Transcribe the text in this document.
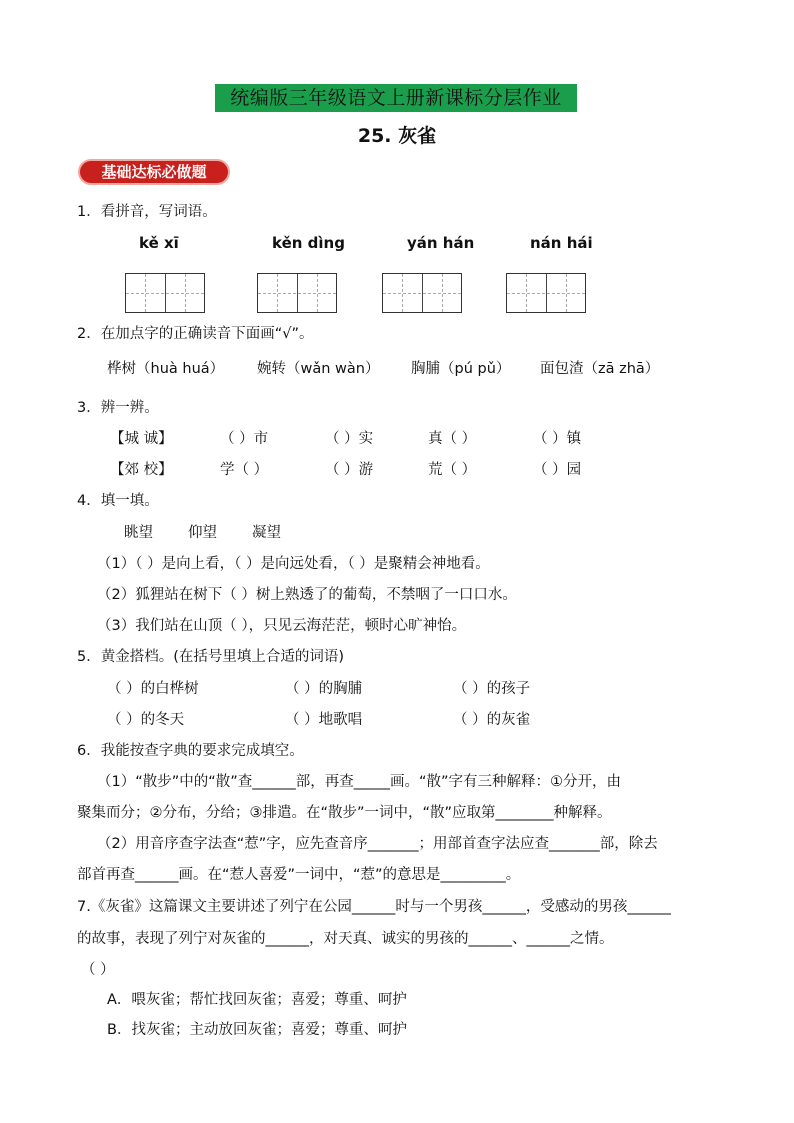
统编版三年级语文上册新课标分层作业
25. 灰雀
基础达标必做题
1．看拼音，写词语。
kě xī	kěn dìng	yán hán	nán hái
2．在加点字的正确读音下面画“√”。
桦树（huà huá） 婉转（wǎn wàn） 胸脯（pú pǔ） 面包渣（zā zhā）
3．辨一辨。
【城 诚】	（ ）市	（ ）实	真（ ）	（ ）镇
【郊 校】	学（ ）	（ ）游	荒（ ）	（ ）园
4．填一填。
眺望 仰望 凝望
（1）（ ）是向上看，（ ）是向远处看，（ ）是聚精会神地看。
（2）狐狸站在树下（ ）树上熟透了的葡萄，不禁咽了一口口水。
（3）我们站在山顶（ ），只见云海茫茫，顿时心旷神怡。
5．黄金搭档。(在括号里填上合适的词语)
（ ）的白桦树	（ ）的胸脯	（ ）的孩子
（ ）的冬天	（ ）地歌唱	（ ）的灰雀
6．我能按查字典的要求完成填空。
（1）“散步”中的“散”查______部，再查_____画。“散”字有三种解释：①分开，由
聚集而分；②分布，分给；③排遣。在“散步”一词中，“散”应取第________种解释。
（2）用音序查字法查“惹”字，应先查音序_______；用部首查字法应查_______部，除去
部首再查______画。在“惹人喜爱”一词中，“惹”的意思是_________。
7.《灰雀》这篇课文主要讲述了列宁在公园______时与一个男孩______，受感动的男孩______
的故事，表现了列宁对灰雀的______，对天真、诚实的男孩的______、______之情。
（ ）
A．喂灰雀；帮忙找回灰雀；喜爱；尊重、呵护
B．找灰雀；主动放回灰雀；喜爱；尊重、呵护
